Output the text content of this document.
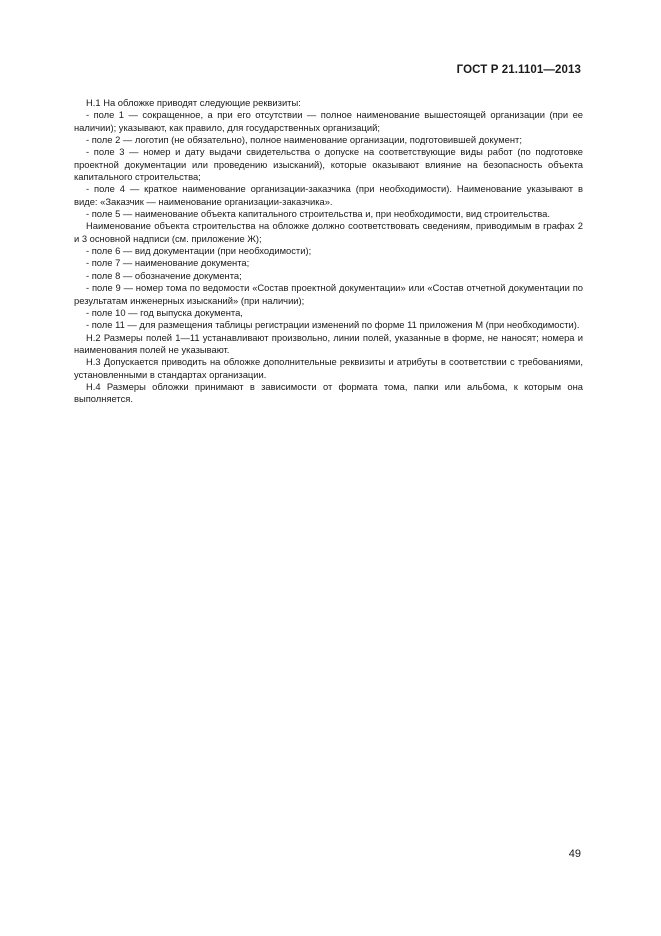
ГОСТ Р 21.1101—2013

Н.1 На обложке приводят следующие реквизиты:

- поле 1 — сокращенное, а при его отсутствии — полное наименование вышестоящей организации (при ее наличии); указывают, как правило, для государственных организаций;

- поле 2 — логотип (не обязательно), полное наименование организации, подготовившей документ;

- поле 3 — номер и дату выдачи свидетельства о допуске на соответствующие виды работ (по подготовке проектной документации или проведению изысканий), которые оказывают влияние на безопасность объекта капитального строительства;

- поле 4 — краткое наименование организации-заказчика (при необходимости). Наименование указывают в виде: «Заказчик — наименование организации-заказчика».

- поле 5 — наименование объекта капитального строительства и, при необходимости, вид строительства.

Наименование объекта строительства на обложке должно соответствовать сведениям, приводимым в графах 2 и 3 основной надписи (см. приложение Ж);

- поле 6 — вид документации (при необходимости);

- поле 7 — наименование документа;

- поле 8 — обозначение документа;

- поле 9 — номер тома по ведомости «Состав проектной документации» или «Состав отчетной документации по результатам инженерных изысканий» (при наличии);

- поле 10 — год выпуска документа,

- поле 11 — для размещения таблицы регистрации изменений по форме 11 приложения М (при необходимости).

Н.2 Размеры полей 1—11 устанавливают произвольно, линии полей, указанные в форме, не наносят; номера и наименования полей не указывают.

Н.3 Допускается приводить на обложке дополнительные реквизиты и атрибуты в соответствии с требованиями, установленными в стандартах организации.

Н.4 Размеры обложки принимают в зависимости от формата тома, папки или альбома, к которым она выполняется.

49
